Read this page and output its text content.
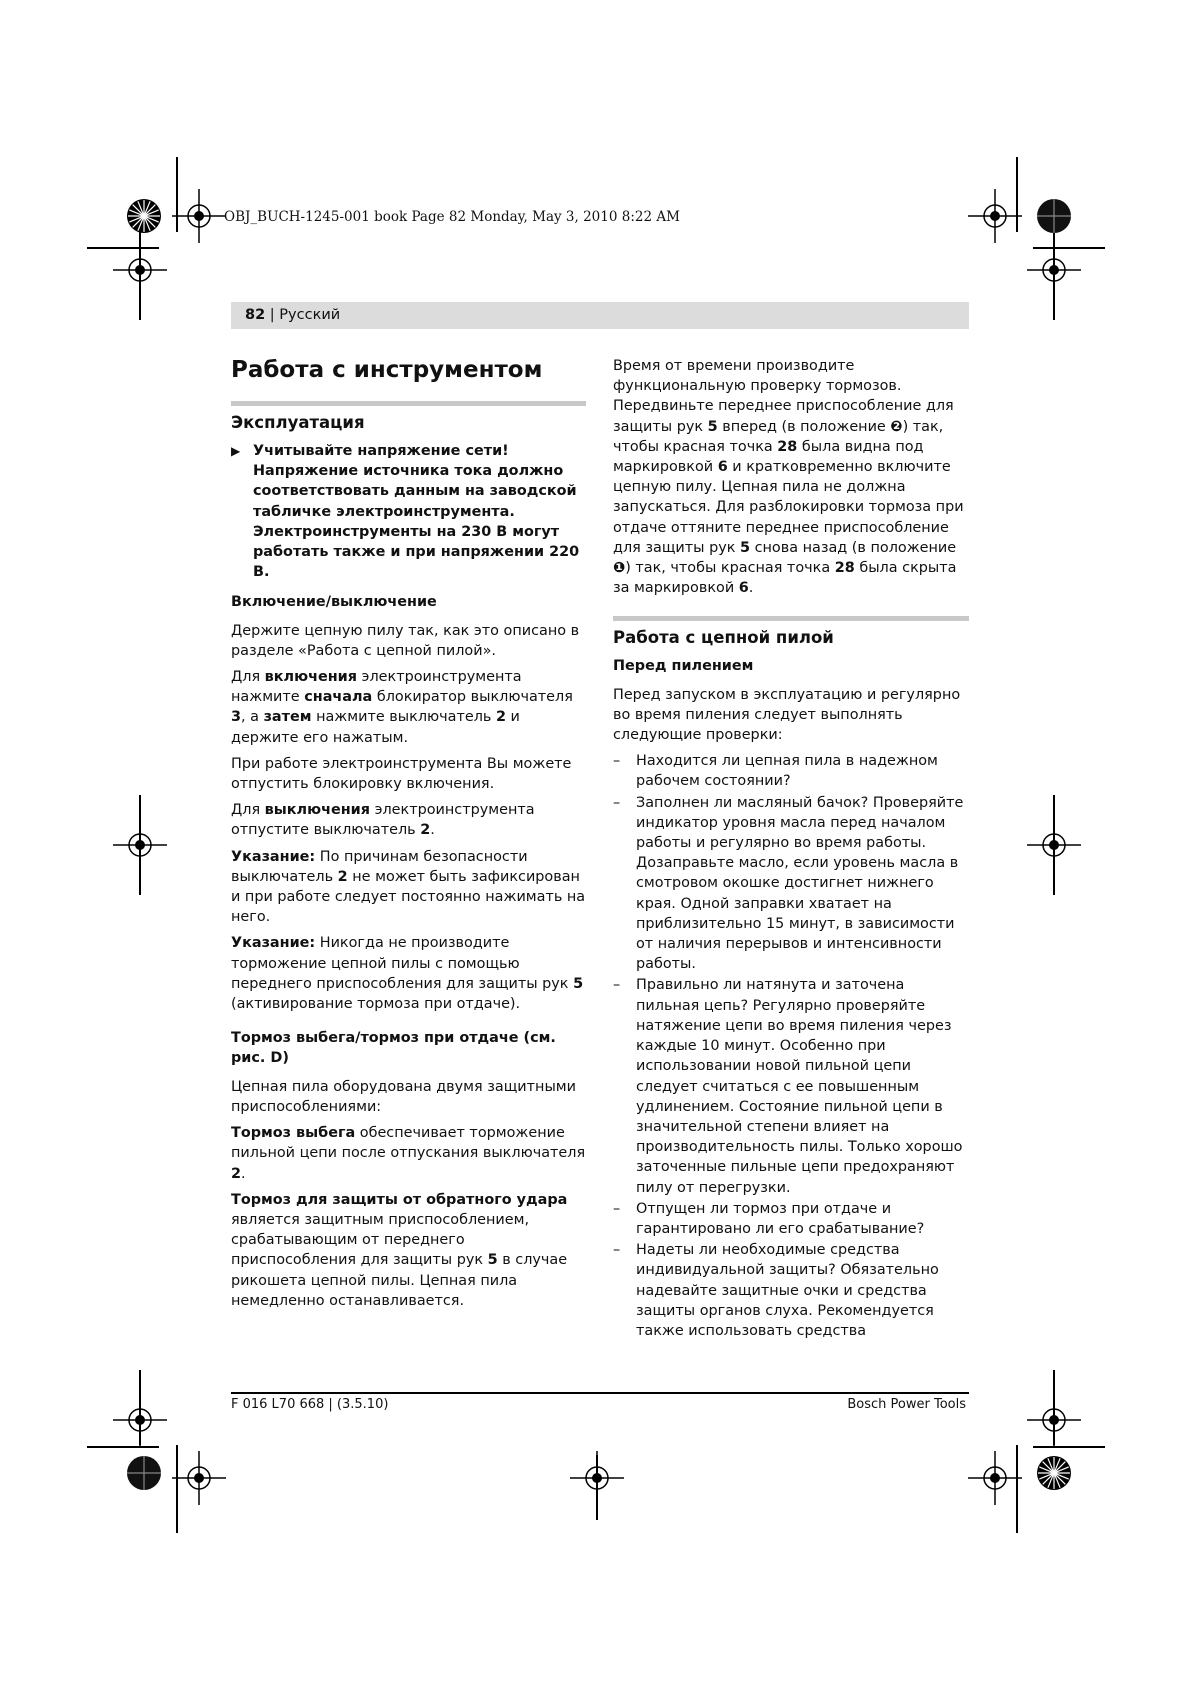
OBJ_BUCH-1245-001 book Page 82 Monday, May 3, 2010 8:22 AM
82 | Русский
Работа с инструментом
Эксплуатация
▶ Учитывайте напряжение сети! Напряжение источника тока должно соответствовать данным на заводской табличке электроинструмента. Электроинструменты на 230 В могут работать также и при напряжении 220 В.
Включение/выключение

Держите цепную пилу так, как это описано в разделе «Работа с цепной пилой».

Для включения электроинструмента нажмите сначала блокиратор выключателя 3, а затем нажмите выключатель 2 и держите его нажатым.

При работе электроинструмента Вы можете отпустить блокировку включения.

Для выключения электроинструмента отпустите выключатель 2.

Указание: По причинам безопасности выключатель 2 не может быть зафиксирован и при работе следует постоянно нажимать на него.

Указание: Никогда не производите торможение цепной пилы с помощью переднего приспособления для защиты рук 5 (активирование тормоза при отдаче).

Тормоз выбега/тормоз при отдаче (см. рис. D)

Цепная пила оборудована двумя защитными приспособлениями:

Тормоз выбега обеспечивает торможение пильной цепи после отпускания выключателя 2.

Тормоз для защиты от обратного удара является защитным приспособлением, срабатывающим от переднего приспособления для защиты рук 5 в случае рикошета цепной пилы. Цепная пила немедленно останавливается.

Время от времени производите функциональную проверку тормозов. Передвиньте переднее приспособление для защиты рук 5 вперед (в положение ❷) так, чтобы красная точка 28 была видна под маркировкой 6 и кратковременно включите цепную пилу. Цепная пила не должна запускаться. Для разблокировки тормоза при отдаче оттяните переднее приспособление для защиты рук 5 снова назад (в положение ❶) так, чтобы красная точка 28 была скрыта за маркировкой 6.

Работа с цепной пилой
Перед пилением

Перед запуском в эксплуатацию и регулярно во время пиления следует выполнять следующие проверки:

–	Находится ли цепная пила в надежном рабочем состоянии?
–	Заполнен ли масляный бачок? Проверяйте индикатор уровня масла перед началом работы и регулярно во время работы. Дозаправьте масло, если уровень масла в смотровом окошке достигнет нижнего края. Одной заправки хватает на приблизительно 15 минут, в зависимости от наличия перерывов и интенсивности работы.
–	Правильно ли натянута и заточена пильная цепь? Регулярно проверяйте натяжение цепи во время пиления через каждые 10 минут. Особенно при использовании новой пильной цепи следует считаться с ее повышенным удлинением. Состояние пильной цепи в значительной степени влияет на производительность пилы. Только хорошо заточенные пильные цепи предохраняют пилу от перегрузки.
–	Отпущен ли тормоз при отдаче и гарантировано ли его срабатывание?
–	Надеты ли необходимые средства индивидуальной защиты? Обязательно надевайте защитные очки и средства защиты органов слуха. Рекомендуется также использовать средства
F 016 L70 668 | (3.5.10)	Bosch Power Tools
